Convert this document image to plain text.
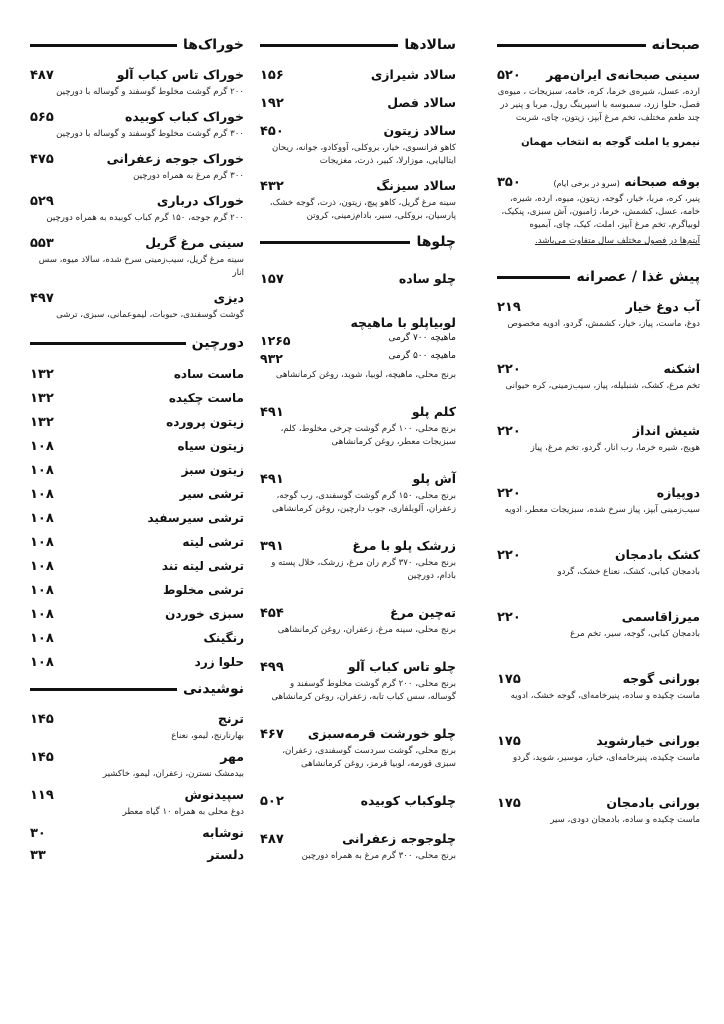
صبحانه
سینی صبحانه‌ی ایران‌مهر
۵۲۰
ارده، عسل، شیره‌ی خرما، کره، خامه، سبزیجات ، میوه‌ی فصل، حلوا زرد، سمبوسه با اسپرینگ رول، مربا و پنیر در چند طعم مختلف، تخم مرغ آبپز، زیتون، چای، شربت
نیمرو یا املت گوجه به انتخاب مهمان
بوفه صبحانه (سرو در برخی ایام)
۳۵۰
پنیر، کره، مربا، خیار، گوجه، زیتون، میوه، ارده، شیره، خامه، عسل، کشمش، خرما، ژامبون، آش سبزی، پنکیک، لوبیاگرم، تخم مرغ آبپز، املت، کیک، چای، آبمیوه
آیتم‌ها در فصول مختلف سال متفاوت می‌باشد.
پیش غذا / عصرانه
آب دوغ خیار
۲۱۹
دوغ، ماست، پیاز، خیار، کشمش، گردو، ادویه مخصوص
اشکنه
۲۲۰
تخم مرغ، کشک، شنبلیله، پیاز، سیب‌زمینی، کره حیوانی
شیش انداز
۲۲۰
هویج، شیره خرما، رب انار، گردو، تخم مرغ، پیاز
دوپیازه
۲۲۰
سیب‌زمینی آبپز، پیاز سرخ شده، سبزیجات معطر، ادویه
کشک بادمجان
۲۲۰
بادمجان کبابی، کشک، نعناع خشک، گردو
میرزاقاسمی
۲۲۰
بادمجان کبابی، گوجه، سیر، تخم مرغ
بورانی گوجه
۱۷۵
ماست چکیده و ساده، پنیرخامه‌ای، گوجه خشک، ادویه
بورانی خیارشوید
۱۷۵
ماست چکیده، پنیرخامه‌ای، خیار، موسیر، شوید، گردو
بورانی بادمجان
۱۷۵
ماست چکیده و ساده، بادمجان دودی، سیر
سالادها
سالاد شیرازی
۱۵۶
سالاد فصل
۱۹۲
سالاد زیتون
۴۵۰
کاهو فرانسوی، خیار، بروکلی، آووکادو، جوانه، ریحان ایتالیایی، موزارلا، کبیر، ذرت، مغزیجات
سالاد سیزنگ
۴۳۲
سینه مرغ گریل، کاهو پیچ، زیتون، ذرت، گوجه خشک، پارسیان، بروکلی، سیر، بادام‌زمینی، کروتن
چلوها
چلو ساده
۱۵۷
لوبیاپلو با ماهیچه
ماهیچه ۷۰۰ گرمی
۱۲۶۵
ماهیچه ۵۰۰ گرمی
۹۳۲
برنج محلی، ماهیچه، لوبیا، شوید، روغن کرمانشاهی
کلم پلو
۴۹۱
برنج محلی، ۱۰۰ گرم گوشت چرخی مخلوط، کلم، سبزیجات معطر، روغن کرمانشاهی
آش پلو
۴۹۱
برنج محلی، ۱۵۰ گرم گوشت گوسفندی، رب گوجه، زعفران، آلوبلفاری، جوب دارچین، روغن کرمانشاهی
زرشک پلو با مرغ
۳۹۱
برنج محلی، ۳۷۰ گرم ران مرغ، زرشک، خلال پسته و بادام، دورچین
ته‌چین مرغ
۴۵۴
برنج محلی، سینه مرغ، زعفران، روغن کرمانشاهی
چلو تاس کباب آلو
۴۹۹
برنج محلی، ۲۰۰ گرم گوشت مخلوط گوسفند و گوساله، سس کباب تابه، زعفران، روغن کرمانشاهی
چلو خورشت قرمه‌سبزی
۴۶۷
برنج محلی، گوشت سردست گوسفندی، زعفران، سبزی قورمه، لوبیا قرمز، روغن کرمانشاهی
چلوکباب کوبیده
۵۰۲
چلوجوجه زعفرانی
۴۸۷
برنج محلی، ۳۰۰ گرم مرغ به همراه دورچین
خوراک‌ها
خوراک تاس کباب آلو
۴۸۷
۲۰۰ گرم گوشت مخلوط گوسفند و گوساله با دورچین
خوراک کباب کوبیده
۵۶۵
۳۰۰ گرم گوشت مخلوط گوسفند و گوساله با دورچین
خوراک جوجه زعفرانی
۴۷۵
۳۰۰ گرم مرغ به همراه دورچین
خوراک درباری
۵۲۹
۲۰۰ گرم جوجه، ۱۵۰ گرم کباب کوبیده به همراه دورچین
سینی مرغ گریل
۵۵۳
سینه مرغ گریل، سیب‌زمینی سرخ شده، سالاد میوه، سس انار
دیزی
۴۹۷
گوشت گوسفندی، حبوبات، لیموعمانی، سبزی، ترشی
دورچین
ماست ساده
۱۳۲
ماست چکیده
۱۳۲
زیتون پرورده
۱۳۲
زیتون سیاه
۱۰۸
زیتون سبز
۱۰۸
ترشی سیر
۱۰۸
ترشی سیرسفید
۱۰۸
ترشی لیته
۱۰۸
ترشی لیته تند
۱۰۸
ترشی مخلوط
۱۰۸
سبزی خوردن
۱۰۸
رنگینک
۱۰۸
حلوا زرد
۱۰۸
نوشیدنی
ترنج
۱۴۵
بهارنارنج، لیمو، نعناع
مهر
۱۴۵
بیدمشک نسترن، زعفران، لیمو، خاکشیر
سپیدنوش
۱۱۹
دوغ محلی به همراه ۱۰ گیاه معطر
نوشابه
۳۰
دلستر
۳۳
